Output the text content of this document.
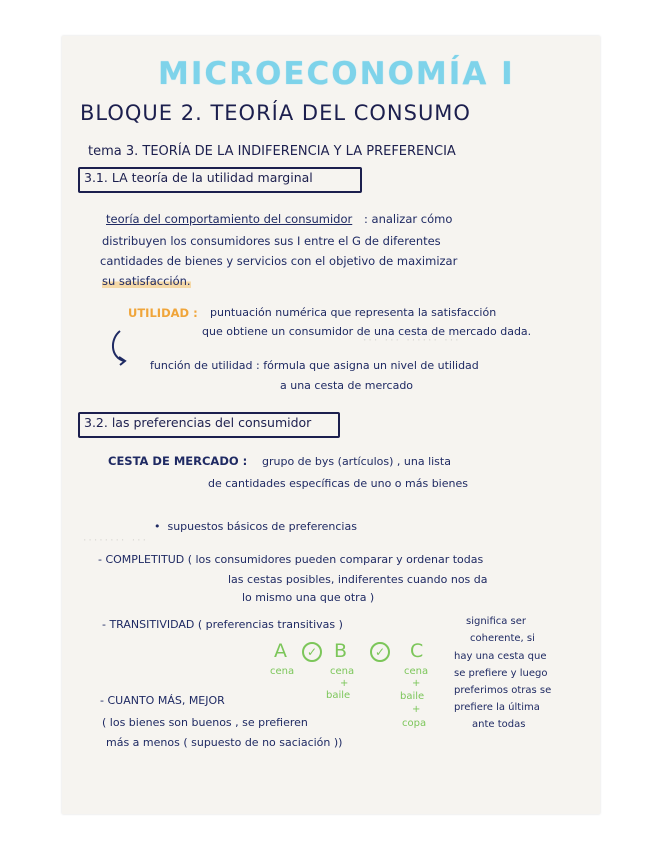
··· ··· ······ ···
········ ···
MICROECONOMÍA I
BLOQUE 2. TEORÍA DEL CONSUMO
tema 3. TEORÍA DE LA INDIFERENCIA Y LA PREFERENCIA
3.1. LA teoría de la utilidad marginal
teoría del comportamiento del consumidor : analizar cómo
distribuyen los consumidores sus I entre el G de diferentes
cantidades de bienes y servicios con el objetivo de maximizar
su satisfacción.
UTILIDAD : puntuación numérica que representa la satisfacción
que obtiene un consumidor de una cesta de mercado dada.
función de utilidad : fórmula que asigna un nivel de utilidad
a una cesta de mercado
3.2. las preferencias del consumidor
CESTA DE MERCADO : grupo de bys (artículos) , una lista
de cantidades específicas de uno o más bienes
•  supuestos básicos de preferencias
- COMPLETITUD ( los consumidores pueden comparar y ordenar todas
las cestas posibles, indiferentes cuando nos da
lo mismo una que otra )
- TRANSITIVIDAD ( preferencias transitivas )	significa ser
coherente, si
hay una cesta que
se prefiere y luego
preferimos otras se
prefiere la última
ante todas
A	✓ B	✓ C
cena	cena
+
baile
cena
+
baile
+
copa
- CUANTO MÁS, MEJOR
( los bienes son buenos , se prefieren
más a menos ( supuesto de no saciación ))
